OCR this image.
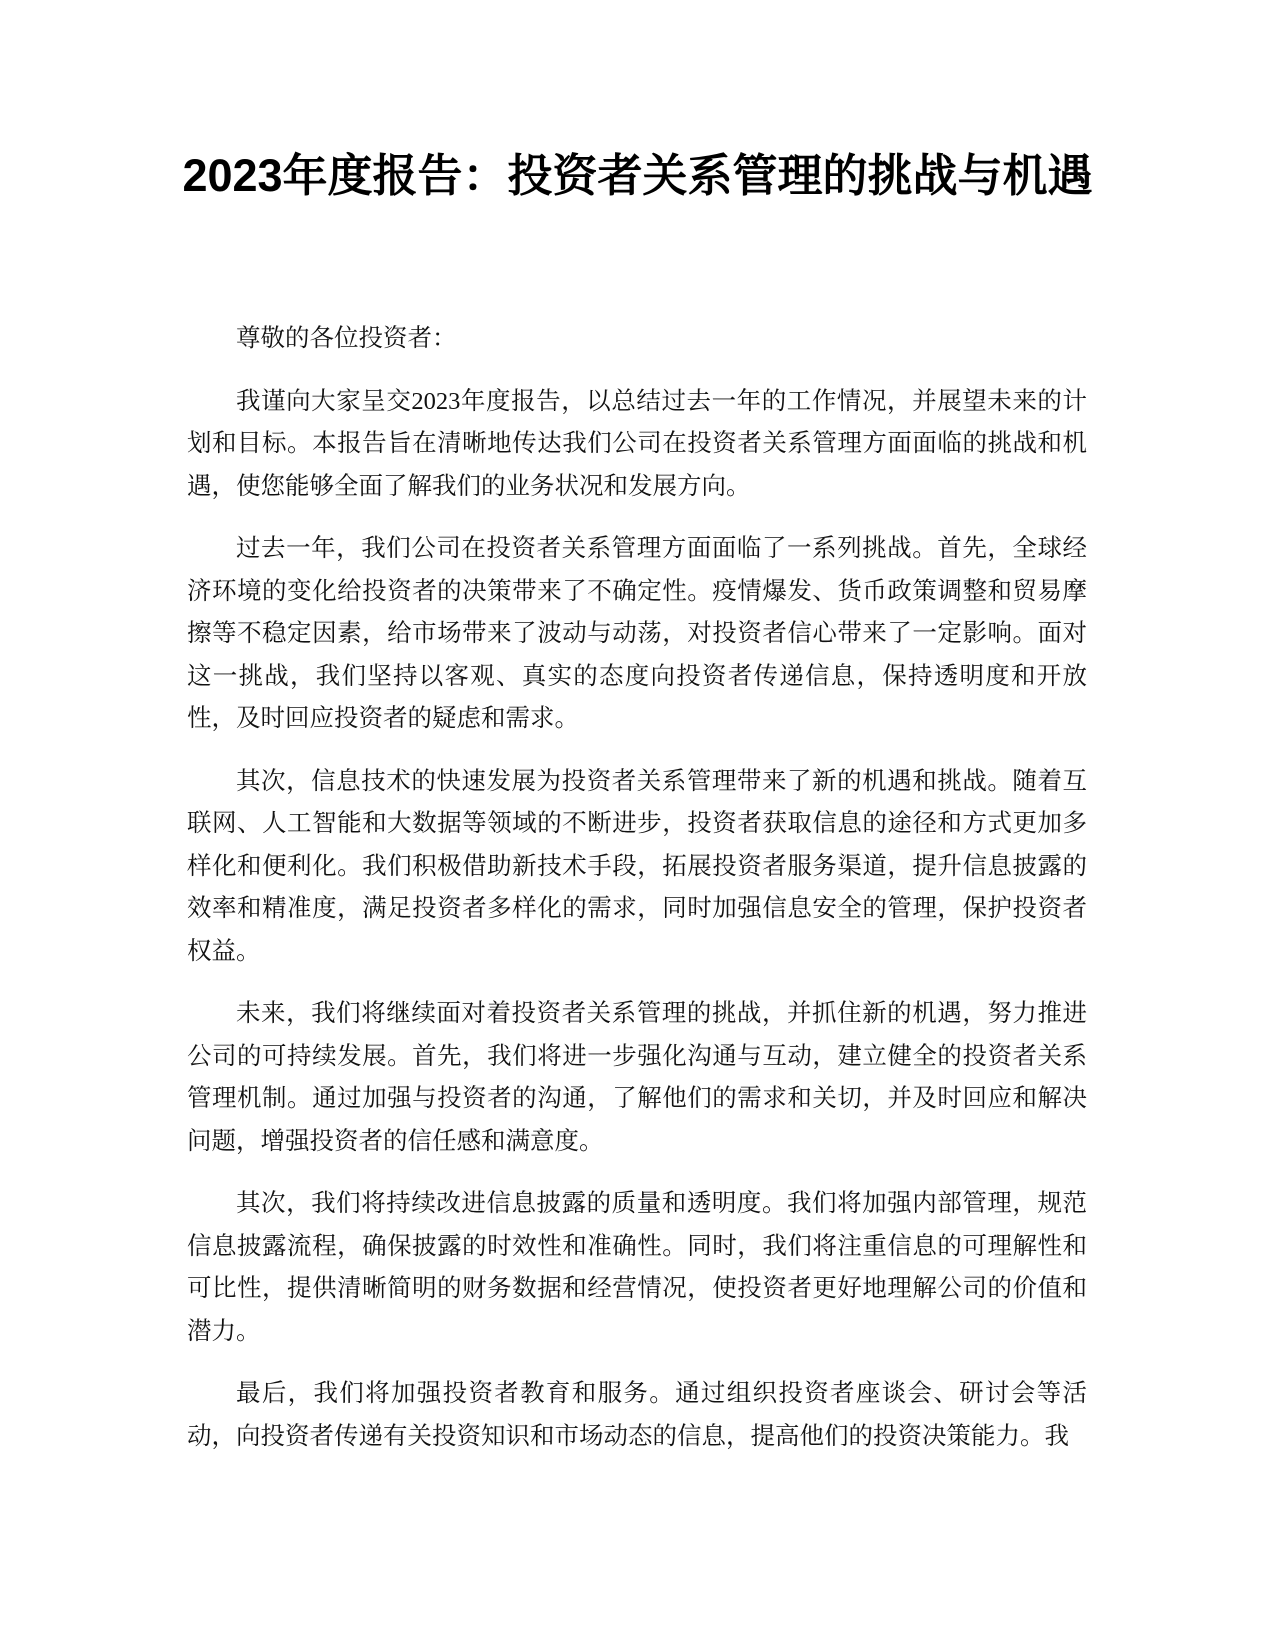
2023年度报告：投资者关系管理的挑战与机遇

尊敬的各位投资者：

我谨向大家呈交2023年度报告，以总结过去一年的工作情况，并展望未来的计划和目标。本报告旨在清晰地传达我们公司在投资者关系管理方面面临的挑战和机遇，使您能够全面了解我们的业务状况和发展方向。

过去一年，我们公司在投资者关系管理方面面临了一系列挑战。首先，全球经济环境的变化给投资者的决策带来了不确定性。疫情爆发、货币政策调整和贸易摩擦等不稳定因素，给市场带来了波动与动荡，对投资者信心带来了一定影响。面对这一挑战，我们坚持以客观、真实的态度向投资者传递信息，保持透明度和开放性，及时回应投资者的疑虑和需求。

其次，信息技术的快速发展为投资者关系管理带来了新的机遇和挑战。随着互联网、人工智能和大数据等领域的不断进步，投资者获取信息的途径和方式更加多样化和便利化。我们积极借助新技术手段，拓展投资者服务渠道，提升信息披露的效率和精准度，满足投资者多样化的需求，同时加强信息安全的管理，保护投资者权益。

未来，我们将继续面对着投资者关系管理的挑战，并抓住新的机遇，努力推进公司的可持续发展。首先，我们将进一步强化沟通与互动，建立健全的投资者关系管理机制。通过加强与投资者的沟通，了解他们的需求和关切，并及时回应和解决问题，增强投资者的信任感和满意度。

其次，我们将持续改进信息披露的质量和透明度。我们将加强内部管理，规范信息披露流程，确保披露的时效性和准确性。同时，我们将注重信息的可理解性和可比性，提供清晰简明的财务数据和经营情况，使投资者更好地理解公司的价值和潜力。

最后，我们将加强投资者教育和服务。通过组织投资者座谈会、研讨会等活动，向投资者传递有关投资知识和市场动态的信息，提高他们的投资决策能力。我
